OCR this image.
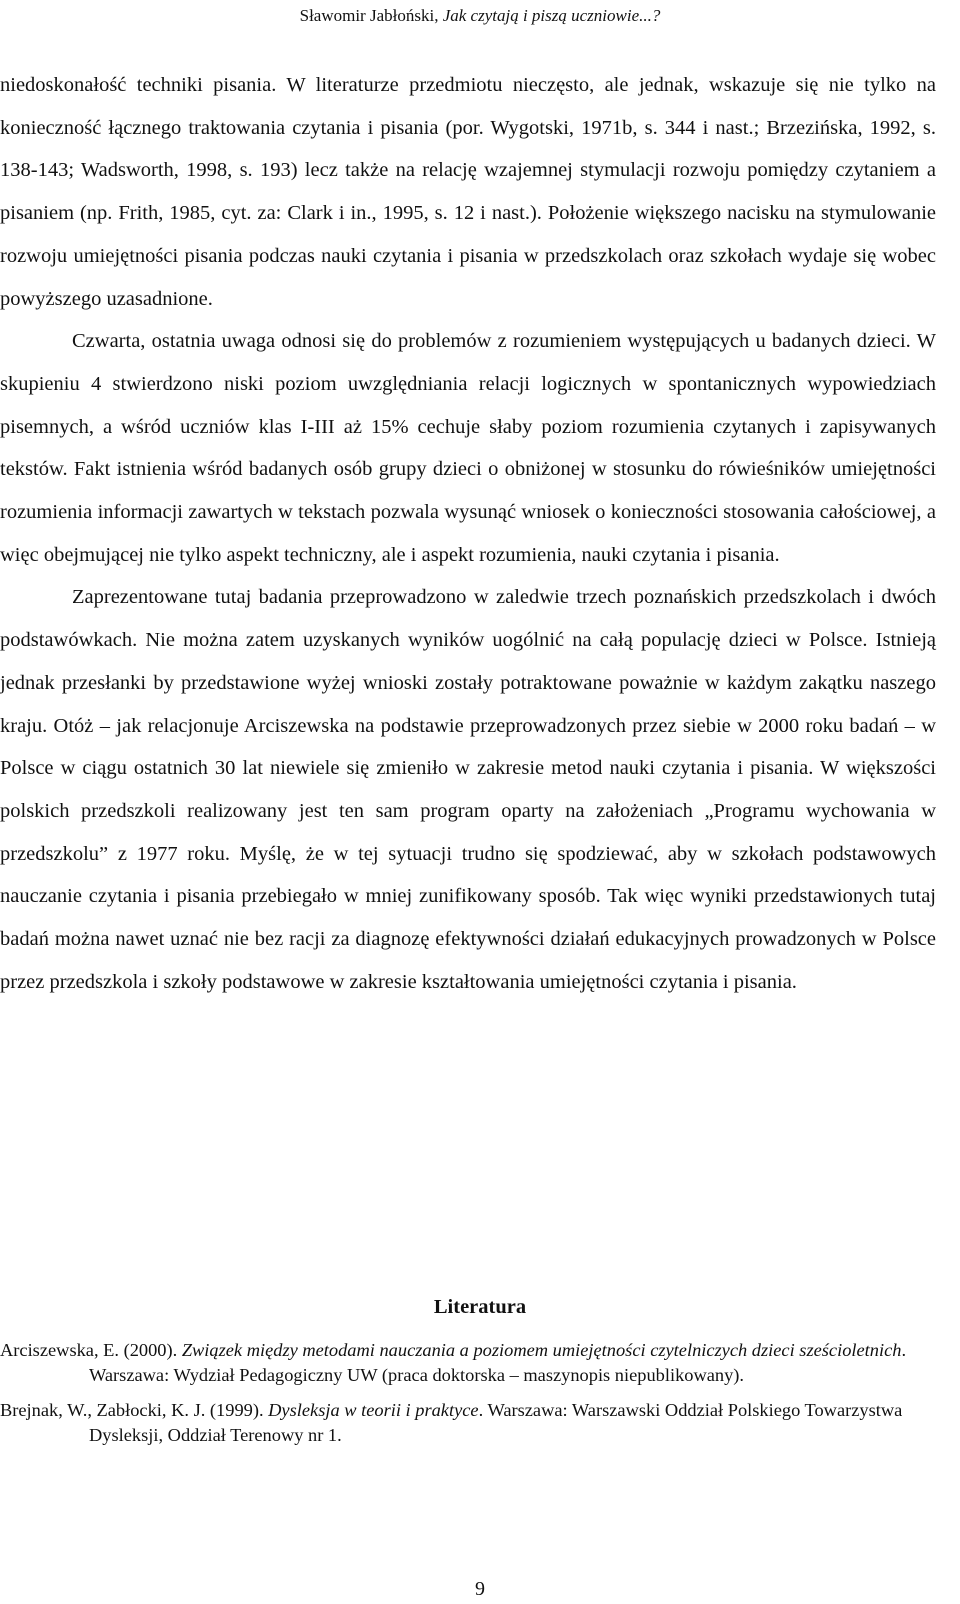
Sławomir Jabłoński, Jak czytają i piszą uczniowie...?

niedoskonałość techniki pisania. W literaturze przedmiotu nieczęsto, ale jednak, wskazuje się nie tylko na konieczność łącznego traktowania czytania i pisania (por. Wygotski, 1971b, s. 344 i nast.; Brzezińska, 1992, s. 138-143; Wadsworth, 1998, s. 193) lecz także na relację wzajemnej stymulacji rozwoju pomiędzy czytaniem a pisaniem (np. Frith, 1985, cyt. za: Clark i in., 1995, s. 12 i nast.). Położenie większego nacisku na stymulowanie rozwoju umiejętności pisania podczas nauki czytania i pisania w przedszkolach oraz szkołach wydaje się wobec powyższego uzasadnione.

Czwarta, ostatnia uwaga odnosi się do problemów z rozumieniem występujących u badanych dzieci. W skupieniu 4 stwierdzono niski poziom uwzględniania relacji logicznych w spontanicznych wypowiedziach pisemnych, a wśród uczniów klas I-III aż 15% cechuje słaby poziom rozumienia czytanych i zapisywanych tekstów. Fakt istnienia wśród badanych osób grupy dzieci o obniżonej w stosunku do rówieśników umiejętności rozumienia informacji zawartych w tekstach pozwala wysunąć wniosek o konieczności stosowania całościowej, a więc obejmującej nie tylko aspekt techniczny, ale i aspekt rozumienia, nauki czytania i pisania.

Zaprezentowane tutaj badania przeprowadzono w zaledwie trzech poznańskich przedszkolach i dwóch podstawówkach. Nie można zatem uzyskanych wyników uogólnić na całą populację dzieci w Polsce. Istnieją jednak przesłanki by przedstawione wyżej wnioski zostały potraktowane poważnie w każdym zakątku naszego kraju. Otóż – jak relacjonuje Arciszewska na podstawie przeprowadzonych przez siebie w 2000 roku badań – w Polsce w ciągu ostatnich 30 lat niewiele się zmieniło w zakresie metod nauki czytania i pisania. W większości polskich przedszkoli realizowany jest ten sam program oparty na założeniach „Programu wychowania w przedszkolu” z 1977 roku. Myślę, że w tej sytuacji trudno się spodziewać, aby w szkołach podstawowych nauczanie czytania i pisania przebiegało w mniej zunifikowany sposób. Tak więc wyniki przedstawionych tutaj badań można nawet uznać nie bez racji za diagnozę efektywności działań edukacyjnych prowadzonych w Polsce przez przedszkola i szkoły podstawowe w zakresie kształtowania umiejętności czytania i pisania.

Literatura

Arciszewska, E. (2000). Związek między metodami nauczania a poziomem umiejętności czytelniczych dzieci sześcioletnich. Warszawa: Wydział Pedagogiczny UW (praca doktorska – maszynopis niepublikowany).

Brejnak, W., Zabłocki, K. J. (1999). Dysleksja w teorii i praktyce. Warszawa: Warszawski Oddział Polskiego Towarzystwa Dysleksji, Oddział Terenowy nr 1.

9
